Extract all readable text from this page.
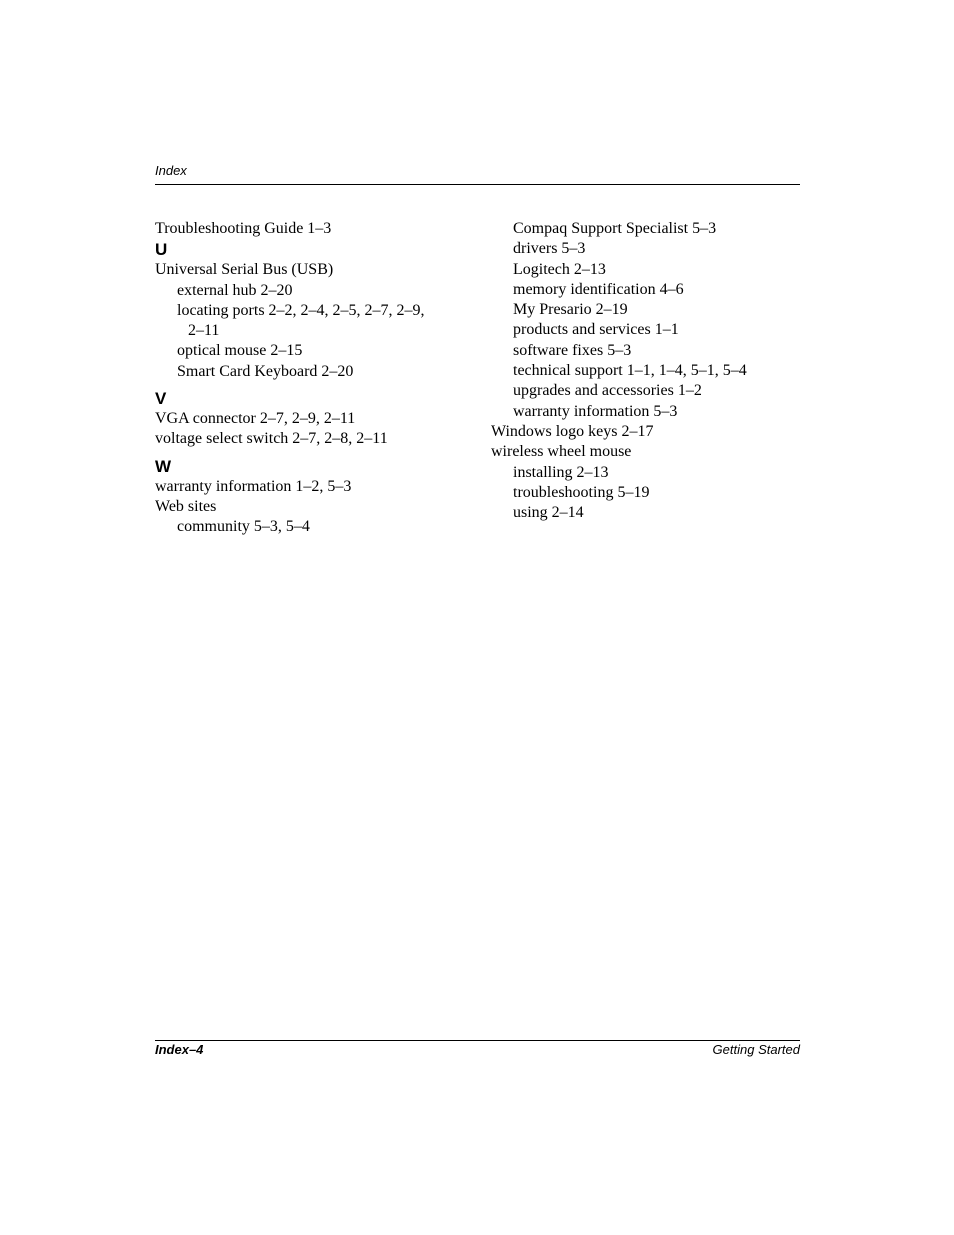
Index
Troubleshooting Guide 1–3
U
Universal Serial Bus (USB)
external hub 2–20
locating ports 2–2, 2–4, 2–5, 2–7, 2–9,
2–11
optical mouse 2–15
Smart Card Keyboard 2–20
V
VGA connector 2–7, 2–9, 2–11
voltage select switch 2–7, 2–8, 2–11
W
warranty information 1–2, 5–3
Web sites
community 5–3, 5–4
Compaq Support Specialist 5–3
drivers 5–3
Logitech 2–13
memory identification 4–6
My Presario 2–19
products and services 1–1
software fixes 5–3
technical support 1–1, 1–4, 5–1, 5–4
upgrades and accessories 1–2
warranty information 5–3
Windows logo keys 2–17
wireless wheel mouse
installing 2–13
troubleshooting 5–19
using 2–14
Index–4	Getting Started
